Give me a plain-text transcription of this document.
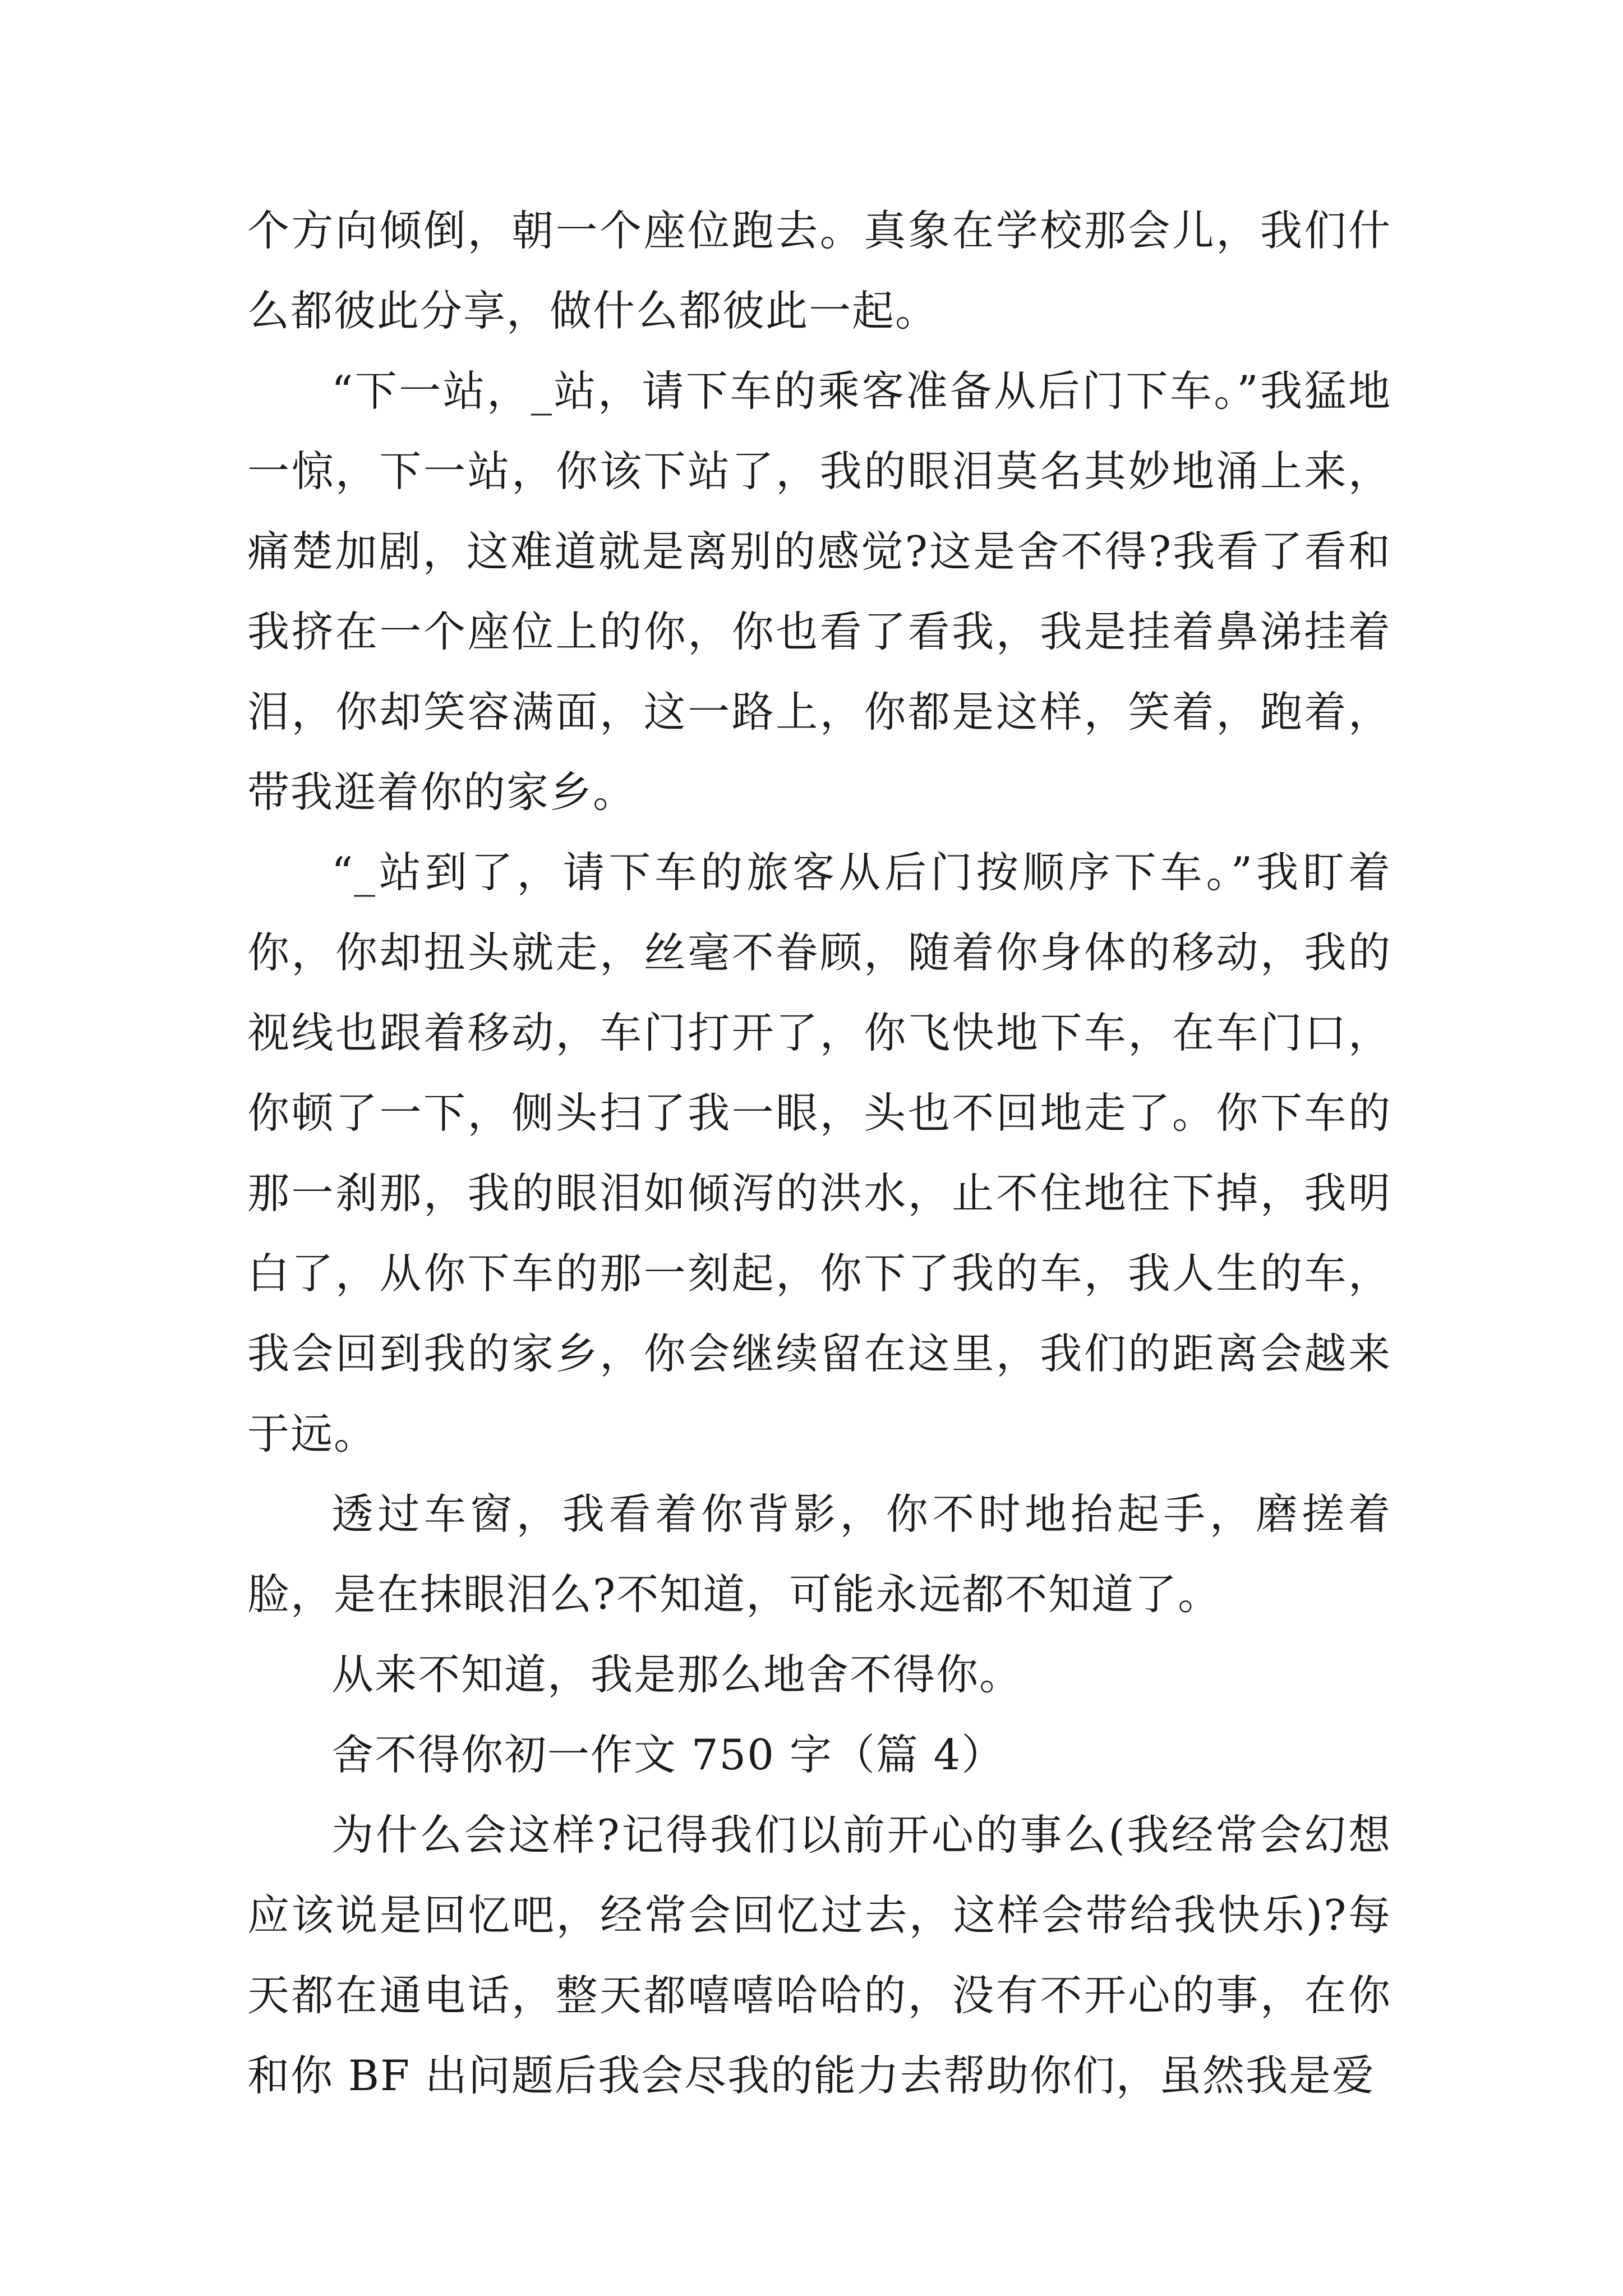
个方向倾倒，朝一个座位跑去。真象在学校那会儿，我们什么都彼此分享，做什么都彼此一起。

“下一站，_站，请下车的乘客准备从后门下车。”我猛地一惊，下一站，你该下站了，我的眼泪莫名其妙地涌上来，痛楚加剧，这难道就是离别的感觉?这是舍不得?我看了看和我挤在一个座位上的你，你也看了看我，我是挂着鼻涕挂着泪，你却笑容满面，这一路上，你都是这样，笑着，跑着，带我逛着你的家乡。

“_站到了，请下车的旅客从后门按顺序下车。”我盯着你，你却扭头就走，丝毫不眷顾，随着你身体的移动，我的视线也跟着移动，车门打开了，你飞快地下车，在车门口，你顿了一下，侧头扫了我一眼，头也不回地走了。你下车的那一刹那，我的眼泪如倾泻的洪水，止不住地往下掉，我明白了，从你下车的那一刻起，你下了我的车，我人生的车，我会回到我的家乡，你会继续留在这里，我们的距离会越来于远。

透过车窗，我看着你背影，你不时地抬起手，磨搓着脸，是在抹眼泪么?不知道，可能永远都不知道了。

从来不知道，我是那么地舍不得你。

舍不得你初一作文 750 字（篇 4）

为什么会这样?记得我们以前开心的事么(我经常会幻想应该说是回忆吧，经常会回忆过去，这样会带给我快乐)?每天都在通电话，整天都嘻嘻哈哈的，没有不开心的事，在你和你 BF 出问题后我会尽我的能力去帮助你们，虽然我是爱
